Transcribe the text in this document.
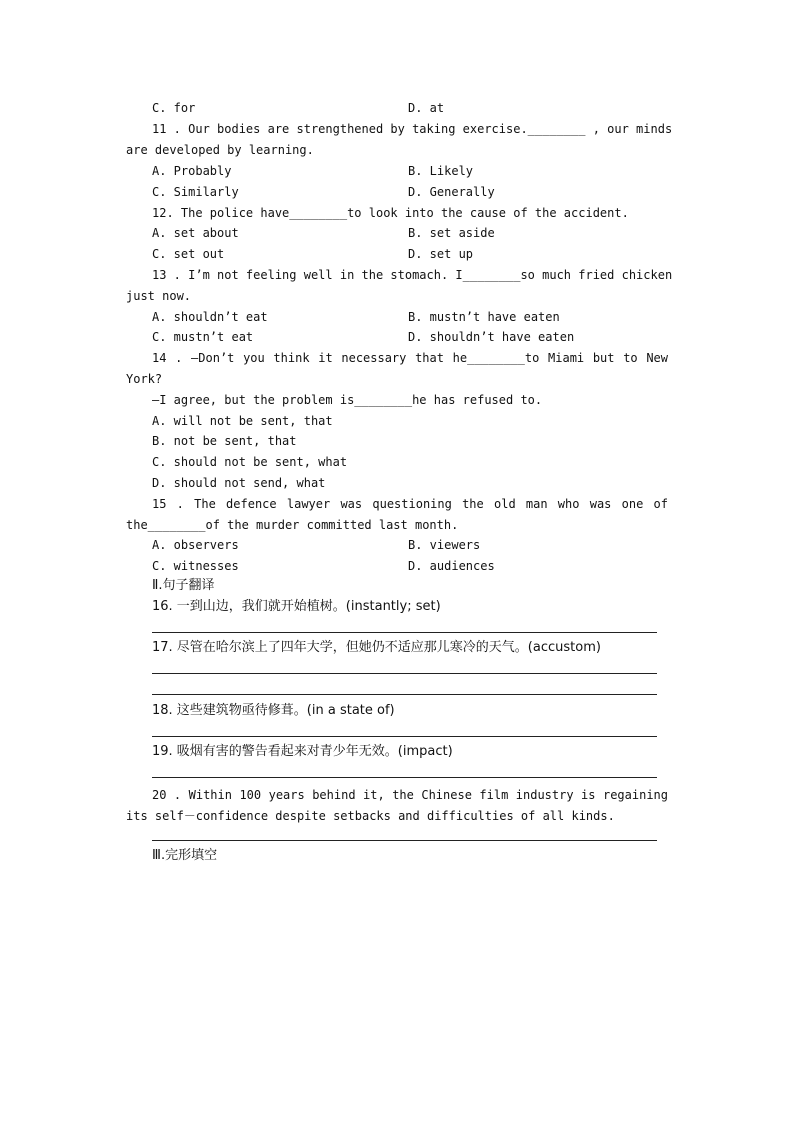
C. for	D. at
11 . Our bodies are strengthened by taking exercise.________ , our minds
are developed by learning.
A. Probably	B. Likely
C. Similarly	D. Generally
12. The police have________to look into the cause of the accident.
A. set about	B. set aside
C. set out	D. set up
13 . I’m not feeling well in the stomach. I________so much fried chicken
just now.
A. shouldn’t eat	B. mustn’t have eaten
C. mustn’t eat	D. shouldn’t have eaten
14 . —Don’t you think it necessary that he________to Miami but to New
York?
—I agree, but the problem is________he has refused to.
A. will not be sent, that
B. not be sent, that
C. should not be sent, what
D. should not send, what
15 . The defence lawyer was questioning the old man who was one of
the________of the murder committed last month.
A. observers	B. viewers
C. witnesses	D. audiences
Ⅱ.句子翻译
16. 一到山边，我们就开始植树。(instantly; set)
17. 尽管在哈尔滨上了四年大学，但她仍不适应那儿寒冷的天气。(accustom)
18. 这些建筑物亟待修葺。(in a state of)
19. 吸烟有害的警告看起来对青少年无效。(impact)
20 . Within 100 years behind it, the Chinese film industry is regaining
its self－confidence despite setbacks and difficulties of all kinds.
Ⅲ.完形填空
